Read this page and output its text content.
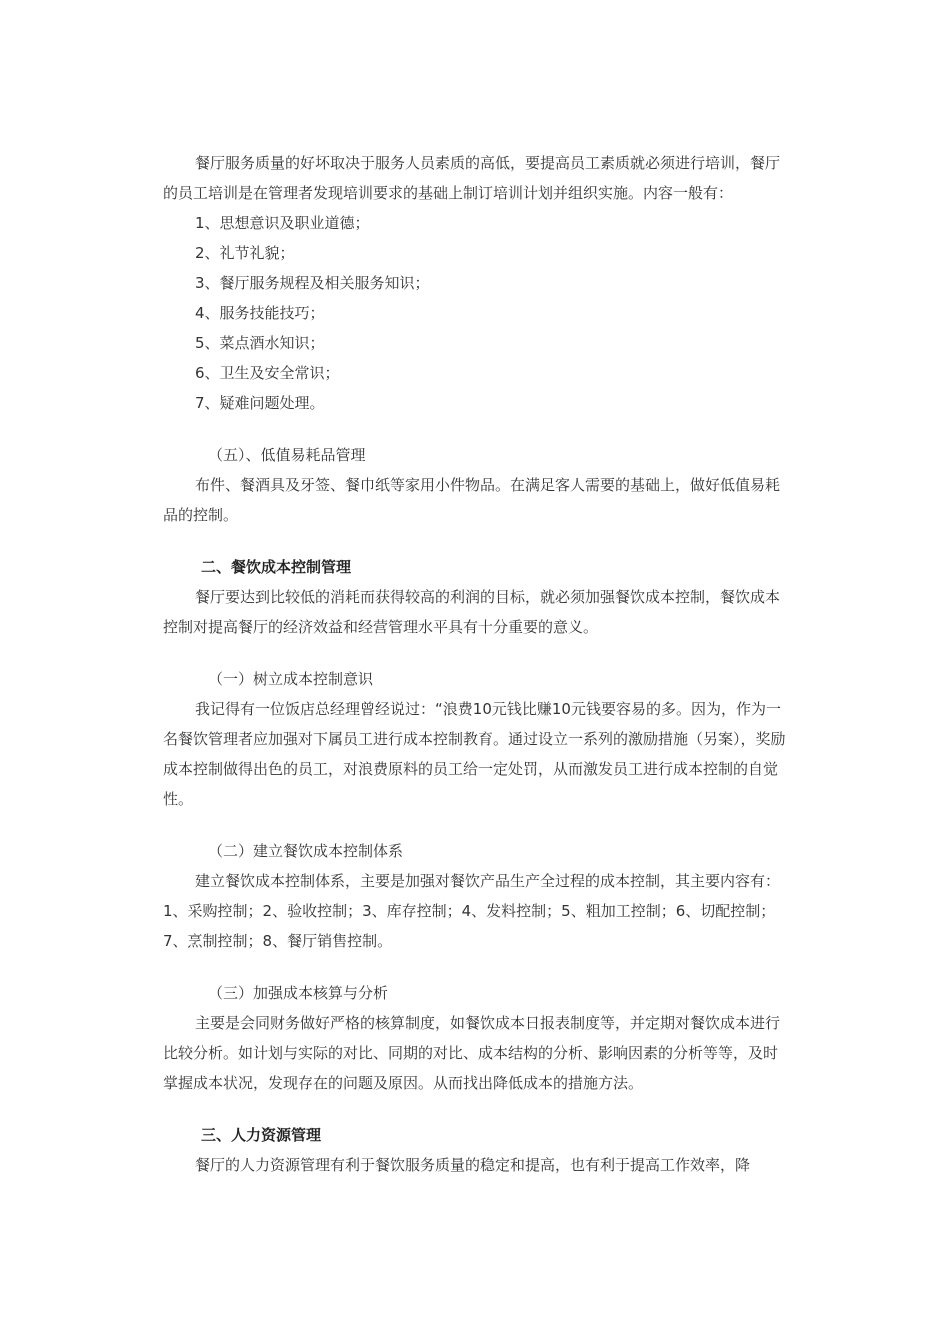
餐厅服务质量的好坏取决于服务人员素质的高低，要提高员工素质就必须进行培训，餐厅的员工培训是在管理者发现培训要求的基础上制订培训计划并组织实施。内容一般有：

1、思想意识及职业道德；

2、礼节礼貌；

3、餐厅服务规程及相关服务知识；

4、服务技能技巧；

5、菜点酒水知识；

6、卫生及安全常识；

7、疑难问题处理。

（五）、低值易耗品管理

布件、餐酒具及牙签、餐巾纸等家用小件物品。在满足客人需要的基础上，做好低值易耗品的控制。

二、餐饮成本控制管理

餐厅要达到比较低的消耗而获得较高的利润的目标，就必须加强餐饮成本控制，餐饮成本控制对提高餐厅的经济效益和经营管理水平具有十分重要的意义。

（一）树立成本控制意识

我记得有一位饭店总经理曾经说过：“浪费10元钱比赚10元钱要容易的多。因为，作为一名餐饮管理者应加强对下属员工进行成本控制教育。通过设立一系列的激励措施（另案），奖励成本控制做得出色的员工，对浪费原料的员工给一定处罚，从而激发员工进行成本控制的自觉性。

（二）建立餐饮成本控制体系

建立餐饮成本控制体系，主要是加强对餐饮产品生产全过程的成本控制，其主要内容有：1、采购控制；2、验收控制；3、库存控制；4、发料控制；5、粗加工控制；6、切配控制；7、烹制控制；8、餐厅销售控制。

（三）加强成本核算与分析

主要是会同财务做好严格的核算制度，如餐饮成本日报表制度等，并定期对餐饮成本进行比较分析。如计划与实际的对比、同期的对比、成本结构的分析、影响因素的分析等等，及时掌握成本状况，发现存在的问题及原因。从而找出降低成本的措施方法。

三、人力资源管理

餐厅的人力资源管理有利于餐饮服务质量的稳定和提高，也有利于提高工作效率，降
